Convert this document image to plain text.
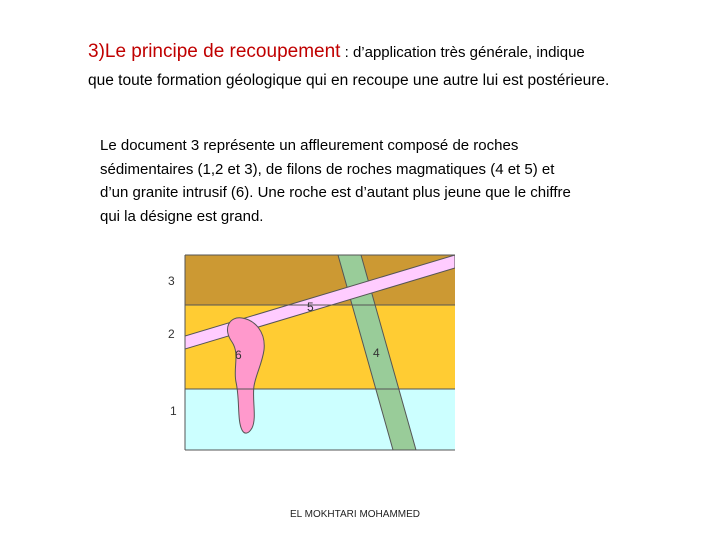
3)Le principe de recoupement : d’application très générale, indique
que toute formation géologique qui en recoupe une autre lui est postérieure.
Le document 3 représente un affleurement composé de roches
sédimentaires (1,2 et 3), de filons de roches magmatiques (4 et 5) et
d’un granite intrusif (6). Une roche est d’autant plus jeune que le chiffre
qui la désigne est grand.
3
2
1
5
6	4
EL MOKHTARI MOHAMMED
